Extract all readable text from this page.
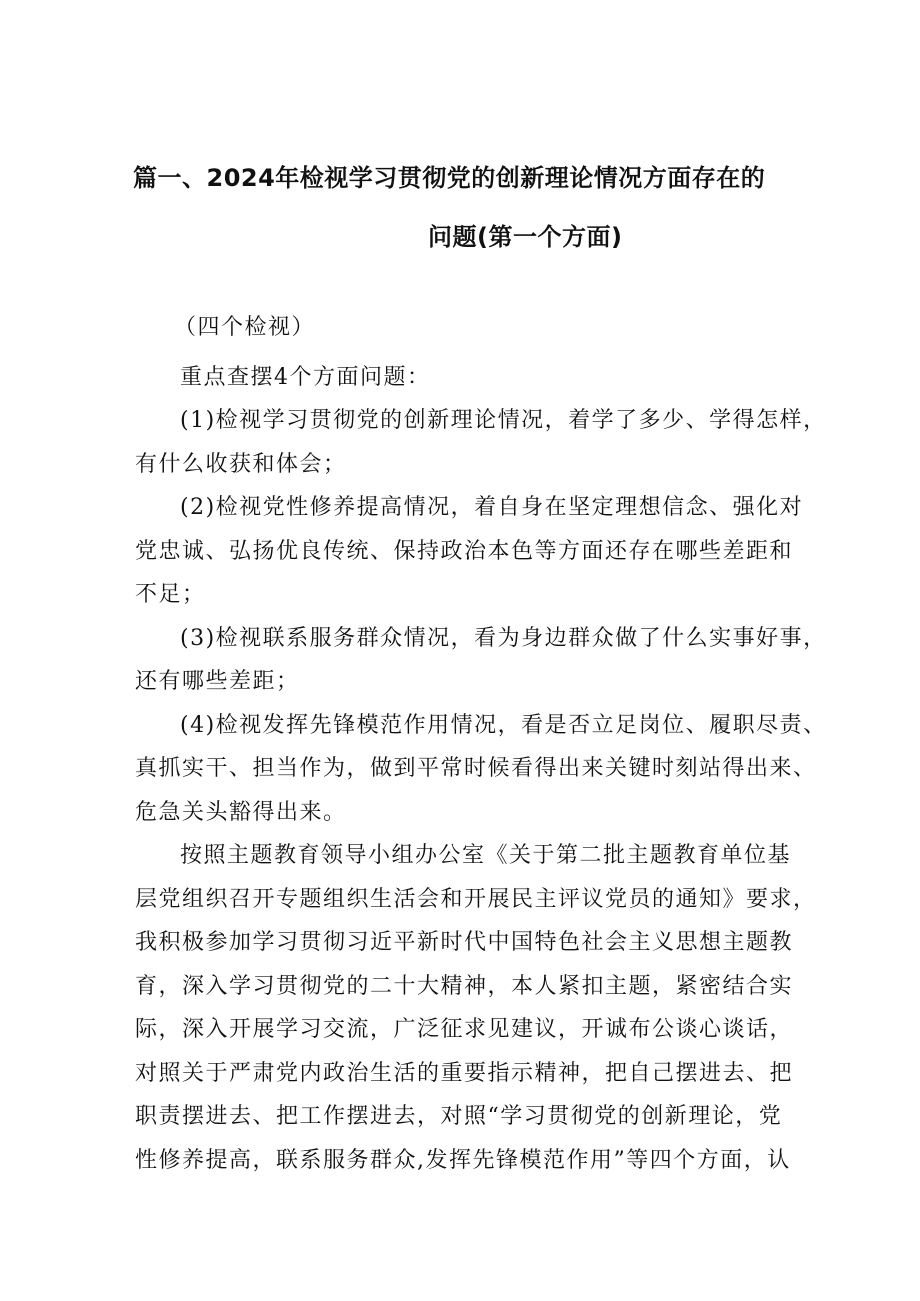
篇一、2024年检视学习贯彻党的创新理论情况方面存在的
问题(第一个方面)
（四个检视）
重点查摆4个方面问题：
(1)检视学习贯彻党的创新理论情况，着学了多少、学得怎样，
有什么收获和体会；
(2)检视党性修养提高情况，着自身在坚定理想信念、强化对
党忠诚、弘扬优良传统、保持政治本色等方面还存在哪些差距和
不足；
(3)检视联系服务群众情况，看为身边群众做了什么实事好事，
还有哪些差距；
(4)检视发挥先锋模范作用情况，看是否立足岗位、履职尽责、
真抓实干、担当作为，做到平常时候看得出来关键时刻站得出来、
危急关头豁得出来。
按照主题教育领导小组办公室《关于第二批主题教育单位基
层党组织召开专题组织生活会和开展民主评议党员的通知》要求，
我积极参加学习贯彻习近平新时代中国特色社会主义思想主题教
育，深入学习贯彻党的二十大精神，本人紧扣主题，紧密结合实
际，深入开展学习交流，广泛征求见建议，开诚布公谈心谈话，
对照关于严肃党内政治生活的重要指示精神，把自己摆进去、把
职责摆进去、把工作摆进去，对照“学习贯彻党的创新理论，党
性修养提高，联系服务群众,发挥先锋模范作用”等四个方面，认
